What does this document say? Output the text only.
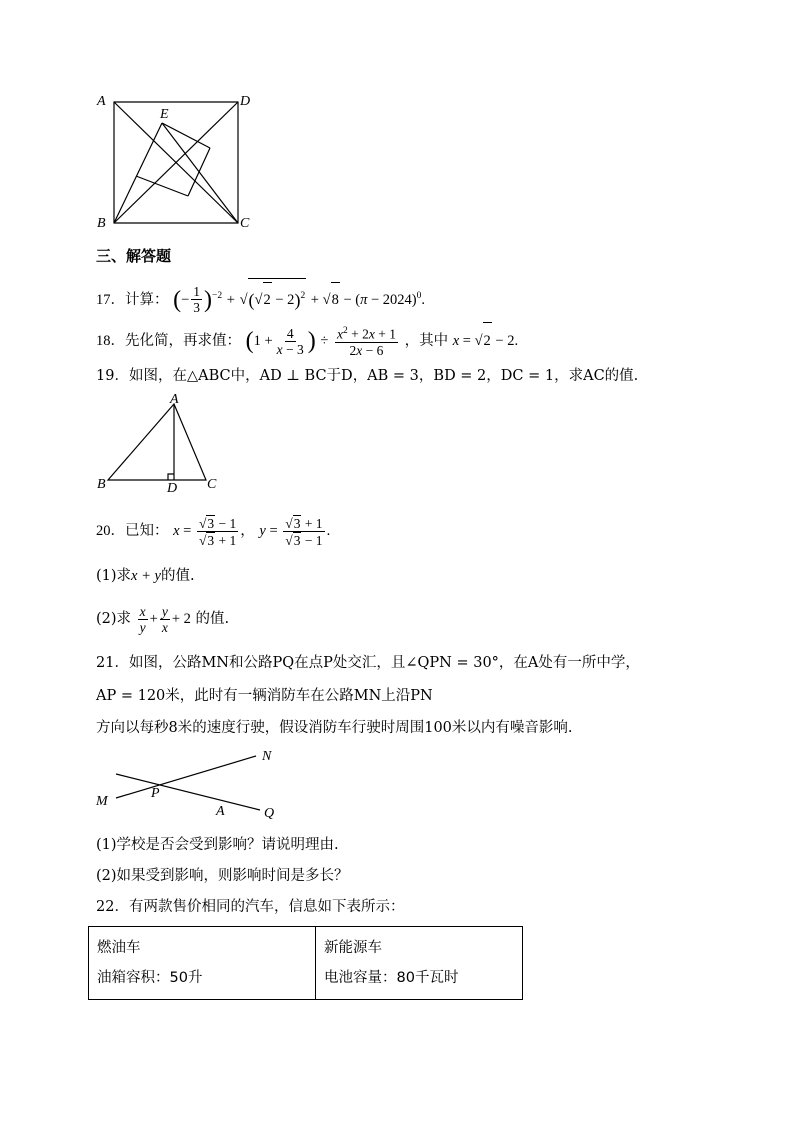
A	D
E
B	C
三、解答题
17．计算： (− $\frac{1}{3} )^{-2} + √(√2 - 2)^2 + √8 - (\pi - 2024)^0$.
18．先化简，再求值： ($1 + \frac{4}{x - 3}$ ) ÷ $\frac{x^2 + 2x + 1}{2x - 6}$ ，其中 x = √2 − 2.
19．如图，在△ABC中，AD ⊥ BC于D，AB = 3，BD = 2，DC = 1，求AC的值.
A
B	D C
20．已知： $x = \frac{√3 - 1}{√3 + 1}$ ， $y = \frac{√3 + 1}{√3 - 1}$ .
(1)求x + y的值.
(2)求 $\frac{x}{y} + \frac{y}{x} + 2$ 的值.
21．如图，公路MN和公路PQ在点P处交汇，且∠QPN = 30°，在A处有一所中学，
AP = 120米，此时有一辆消防车在公路MN上沿PN
方向以每秒8米的速度行驶，假设消防车行驶时周围100米以内有噪音影响.
N
M
P
A	Q
(1)学校是否会受到影响？请说明理由.
(2)如果受到影响，则影响时间是多长？
22．有两款售价相同的汽车，信息如下表所示：
燃油车
油箱容积：50升

新能源车
电池容量：80千瓦时
